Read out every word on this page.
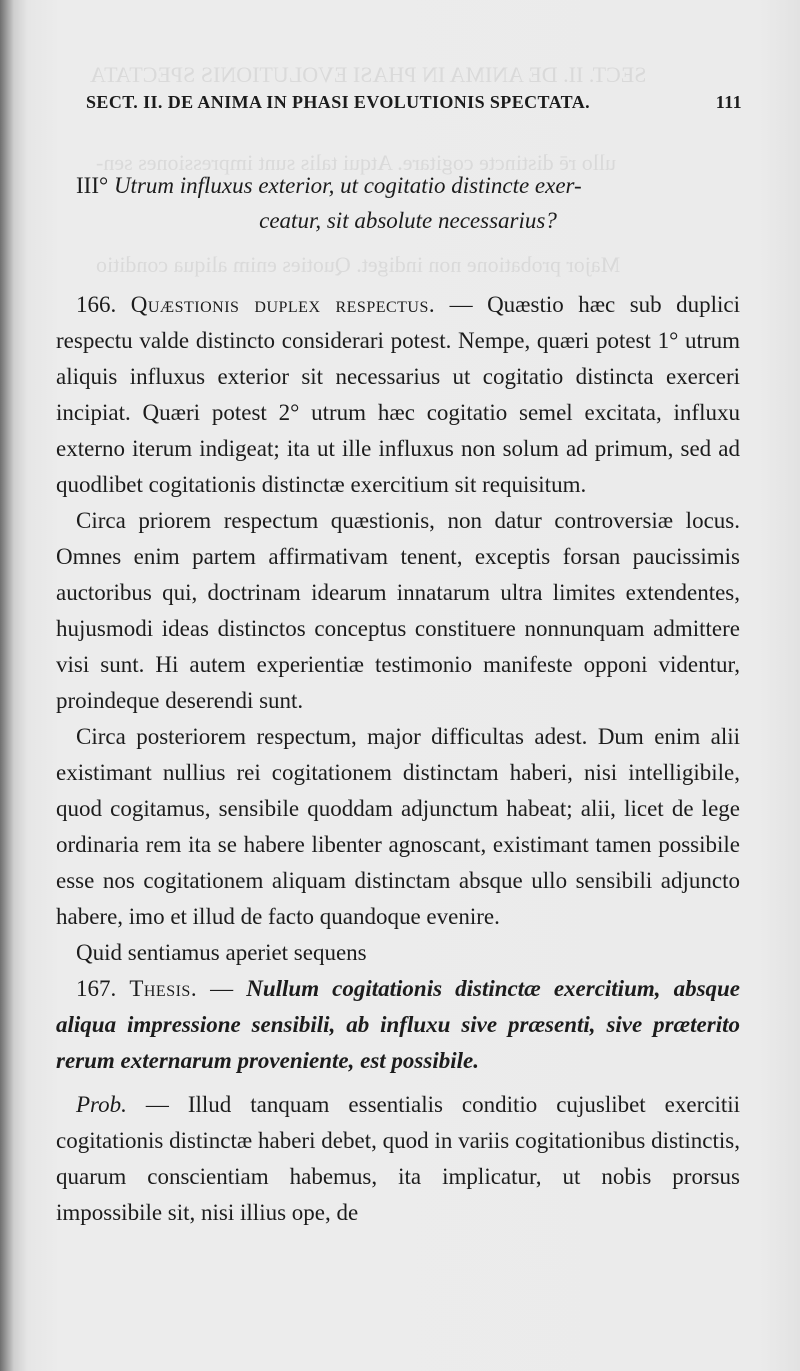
SECT. II. DE ANIMA IN PHASI EVOLUTIONIS SPECTATA
ullo rē distincte cogitare. Atqui talis sunt impressiones sen-
Major probatione non indiget. Quoties enim aliqua conditio
SECT. II. DE ANIMA IN PHASI EVOLUTIONIS SPECTATA.	111
III° Utrum influxus exterior, ut cogitatio distincte exer-
ceatur, sit absolute necessarius?

166. Quæstionis duplex respectus. — Quæstio hæc sub duplici respectu valde distincto considerari potest. Nempe, quæri potest 1° utrum aliquis influxus exterior sit necessarius ut cogitatio distincta exerceri incipiat. Quæri potest 2° utrum hæc cogitatio semel excitata, influxu externo iterum indigeat; ita ut ille influxus non solum ad primum, sed ad quodlibet cogitationis distinctæ exercitium sit requisitum.

Circa priorem respectum quæstionis, non datur controversiæ locus. Omnes enim partem affirmativam tenent, exceptis forsan paucissimis auctoribus qui, doctrinam idearum innatarum ultra limites extendentes, hujusmodi ideas distinctos conceptus constituere nonnunquam admittere visi sunt. Hi autem experientiæ testimonio manifeste opponi videntur, proindeque deserendi sunt.

Circa posteriorem respectum, major difficultas adest. Dum enim alii existimant nullius rei cogitationem distinctam haberi, nisi intelligibile, quod cogitamus, sensibile quoddam adjunctum habeat; alii, licet de lege ordinaria rem ita se habere libenter agnoscant, existimant tamen possibile esse nos cogitationem aliquam distinctam absque ullo sensibili adjuncto habere, imo et illud de facto quandoque evenire.

Quid sentiamus aperiet sequens

167. Thesis. — Nullum cogitationis distinctæ exercitium, absque aliqua impressione sensibili, ab influxu sive præsenti, sive præterito rerum externarum proveniente, est possibile.

Prob. — Illud tanquam essentialis conditio cujuslibet exercitii cogitationis distinctæ haberi debet, quod in variis cogitationibus distinctis, quarum conscientiam habemus, ita implicatur, ut nobis prorsus impossibile sit, nisi illius ope, de
